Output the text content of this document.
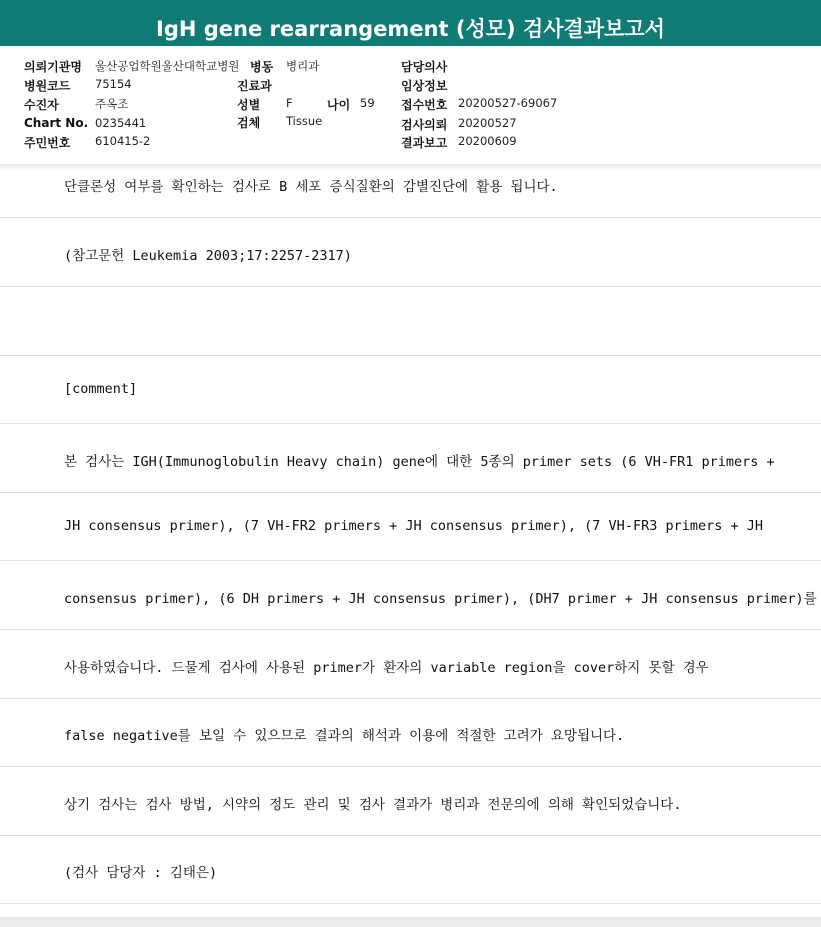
단클론성 여부를 확인하는 검사로 B 세포 증식질환의 감별진단에 활용 됩니다.
(참고문헌 Leukemia 2003;17:2257-2317)
[comment]
본 검사는 IGH(Immunoglobulin Heavy chain) gene에 대한 5종의 primer sets (6 VH-FR1 primers +
JH consensus primer), (7 VH-FR2 primers + JH consensus primer), (7 VH-FR3 primers + JH
consensus primer), (6 DH primers + JH consensus primer), (DH7 primer + JH consensus primer)를
사용하였습니다. 드물게 검사에 사용된 primer가 환자의 variable region을 cover하지 못할 경우
false negative를 보일 수 있으므로 결과의 해석과 이용에 적절한 고려가 요망됩니다.
상기 검사는 검사 방법, 시약의 정도 관리 및 검사 결과가 병리과 전문의에 의해 확인되었습니다.
(검사 담당자 : 김태은)
IgH gene rearrangement (성모) 검사결과보고서
의뢰기관명 울산공업학원울산대학교병원 병동 병리과	담당의사
병원코드 75154	진료과	임상정보
수진자	주옥조	성별 F	나이 59 접수번호 20200527-69067
Chart No. 0235441	검체 Tissue	검사의뢰 20200527
주민번호 610415-2	결과보고 20200609
